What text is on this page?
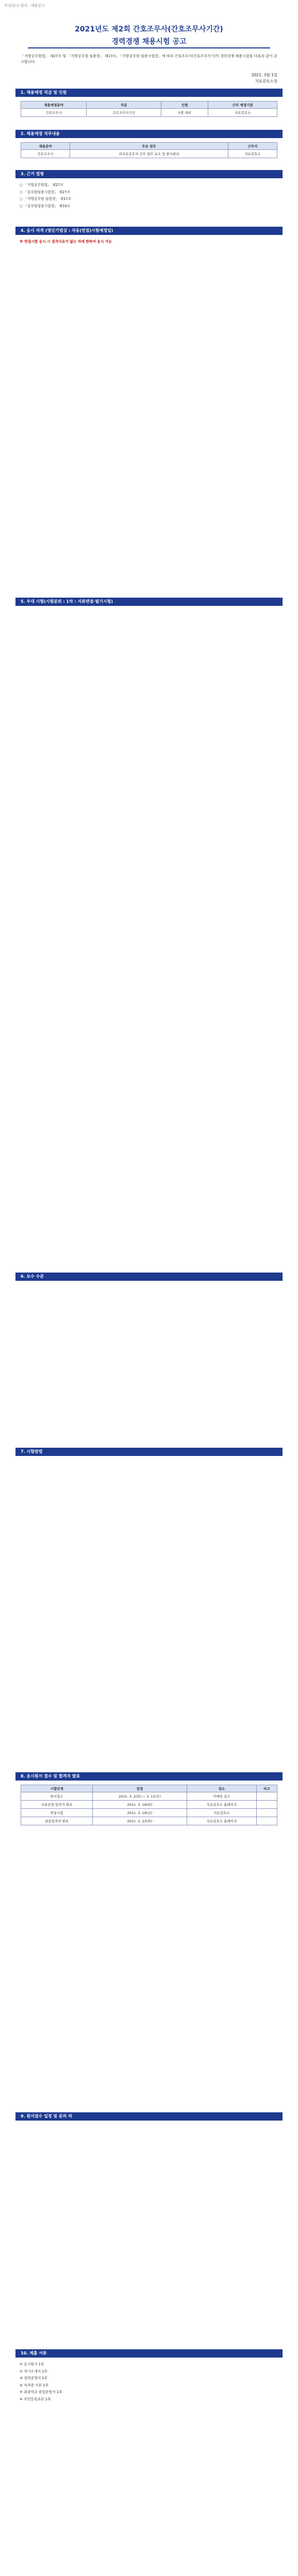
작성/공고 양식 · 채용공고
2021년도 제2회 간호조무사(간호조무사기간)
경력경쟁 채용시험 공고
「지방공무원법」 제27조 및 「지방공무원 임용령」 제17조, 「지방공무원 임용시험령」에 따라 간호조무사(간호조무사기간) 경력경쟁 채용시험을 다음과 같이 공고합니다.
2021. 3월 1일
치료감호소장
1. 채용예정 직급 및 인원
채용예정분야	직급	인원	근무 예정기관
간호조무사	간호조무사기간	5명 내외	치료감호소
2. 채용예정 직무내용
채용분야	주요 업무	근무지
간호조무사	피치료감호자 간호 업무 보조 및 환자관리	치료감호소
3. 근거 법령

○ 「지방공무원법」 제27조

○ 「공무원임용시험령」 제27조

○ 「지방공무원 임용령」 제17조

○ 「공무원임용시험령」 제33조

4. 응시 자격 (영단기법상 : 자동(면접)시험예정일)

※ 면접시험 응시 시 결격사유가 없는 자에 한하여 응시 가능

5. 우대 시험(시험분위 : 1차 : 서류면접·필기시험)
6. 보수 수준
7. 시험방법
8. 응시원서 접수 및 합격자 발표
시험단계	일정	장소	비고
원서접수	2021. 3. 2(화) ~ 3. 11(목)	이메일 접수	
서류전형 합격자 발표	2021. 3. 16(화)	치료감호소 홈페이지	
면접시험	2021. 3. 19(금)	치료감호소	
최종합격자 발표	2021. 3. 23(화)	치료감호소 홈페이지	
9. 원서접수 일정 및 문의 처
10. 제출 서류

① 응시원서 1부

② 자기소개서 1부

③ 경력증명서 1부

④ 자격증 사본 1부

⑤ 최종학교 졸업증명서 1부

⑥ 주민등록초본 1부
